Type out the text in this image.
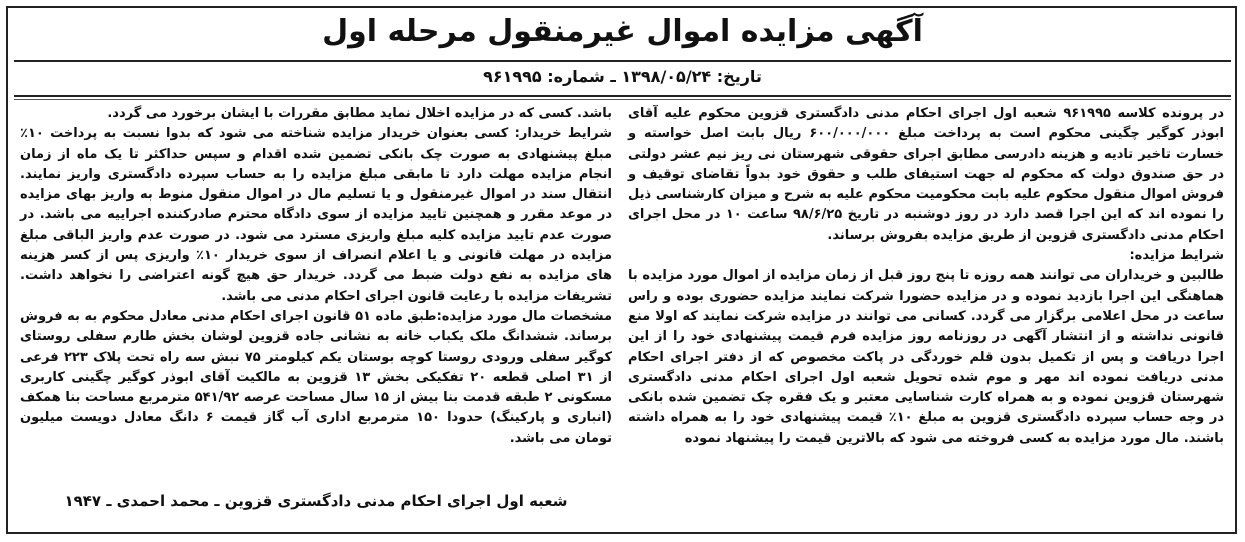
آگهی مزایده اموال غیرمنقول مرحله اول
تاریخ: ۱۳۹۸/۰۵/۲۴ ـ شماره: ۹۶۱۹۹۵

در پرونده کلاسه ۹۶۱۹۹۵ شعبه اول اجرای احکام مدنی دادگستری قزوین محکوم علیه آقای ابوذر کوگیر چگینی محکوم است به پرداخت مبلغ ۶۰۰/۰۰۰/۰۰۰ ریال بابت اصل خواسته و خسارت تاخیر تادیه و هزینه دادرسی مطابق اجرای حقوقی شهرستان نی ریز نیم عشر دولتی در حق صندوق دولت که محکوم له جهت استیفای طلب و حقوق خود بدواً تقاضای توقیف و فروش اموال منقول محکوم علیه بابت محکومیت محکوم علیه به شرح و میزان کارشناسی ذیل را نموده اند که این اجرا قصد دارد در روز دوشنبه در تاریخ ۹۸/۶/۲۵ ساعت ۱۰ در محل اجرای احکام مدنی دادگستری قزوین از طریق مزایده بفروش برساند.

شرایط مزایده:

طالبین و خریداران می توانند همه روزه تا پنج روز قبل از زمان مزایده از اموال مورد مزایده با هماهنگی این اجرا بازدید نموده و در مزایده حضورا شرکت نمایند مزایده حضوری بوده و راس ساعت در محل اعلامی برگزار می گردد. کسانی می توانند در مزایده شرکت نمایند که اولا منع قانونی نداشته و از انتشار آگهی در روزنامه روز مزایده فرم قیمت پیشنهادی خود را از این اجرا دریافت و پس از تکمیل بدون قلم خوردگی در پاکت مخصوص که از دفتر اجرای احکام مدنی دریافت نموده اند مهر و موم شده تحویل شعبه اول اجرای احکام مدنی دادگستری شهرستان قزوین نموده و به همراه کارت شناسایی معتبر و یک فقره چک تضمین شده بانکی در وجه حساب سپرده دادگستری قزوین به مبلغ ۱۰٪ قیمت پیشنهادی خود را به همراه داشته باشند. مال مورد مزایده به کسی فروخته می شود که بالاترین قیمت را پیشنهاد نموده

باشد. کسی که در مزایده اخلال نماید مطابق مقررات با ایشان برخورد می گردد.

شرایط خریدار: کسی بعنوان خریدار مزایده شناخته می شود که بدوا نسبت به پرداخت ۱۰٪ مبلغ پیشنهادی به صورت چک بانکی تضمین شده اقدام و سپس حداکثر تا یک ماه از زمان انجام مزایده مهلت دارد تا مابقی مبلغ مزایده را به حساب سپرده دادگستری واریز نمایند. انتقال سند در اموال غیرمنقول و یا تسلیم مال در اموال منقول منوط به واریز بهای مزایده در موعد مقرر و همچنین تایید مزایده از سوی دادگاه محترم صادرکننده اجراییه می باشد. در صورت عدم تایید مزایده کلیه مبلغ واریزی مسترد می شود. در صورت عدم واریز الباقی مبلغ مزایده در مهلت قانونی و یا اعلام انصراف از سوی خریدار ۱۰٪ واریزی پس از کسر هزینه های مزایده به نفع دولت ضبط می گردد. خریدار حق هیچ گونه اعتراضی را نخواهد داشت. تشریفات مزایده با رعایت قانون اجرای احکام مدنی می باشد.

مشخصات مال مورد مزایده:طبق ماده ۵۱ قانون اجرای احکام مدنی معادل محکوم به به فروش برساند. ششدانگ ملک یکباب خانه به نشانی جاده قزوین لوشان بخش طارم سفلی روستای کوگیر سفلی ورودی روستا کوچه بوستان یکم کیلومتر ۷۵ نبش سه راه تحت پلاک ۲۲۳ فرعی از ۳۱ اصلی قطعه ۲۰ تفکیکی بخش ۱۳ قزوین به مالکیت آقای ابوذر کوگیر چگینی کاربری مسکونی ۲ طبقه قدمت بنا بیش از ۱۵ سال مساحت عرصه ۵۴۱/۹۲ مترمربع مساحت بنا همکف (انباری و پارکینگ) حدودا ۱۵۰ مترمربع اداری آب گاز قیمت ۶ دانگ معادل دویست میلیون تومان می باشد.

شعبه اول اجرای احکام مدنی دادگستری قزوین ـ محمد احمدی ـ ۱۹۴۷
